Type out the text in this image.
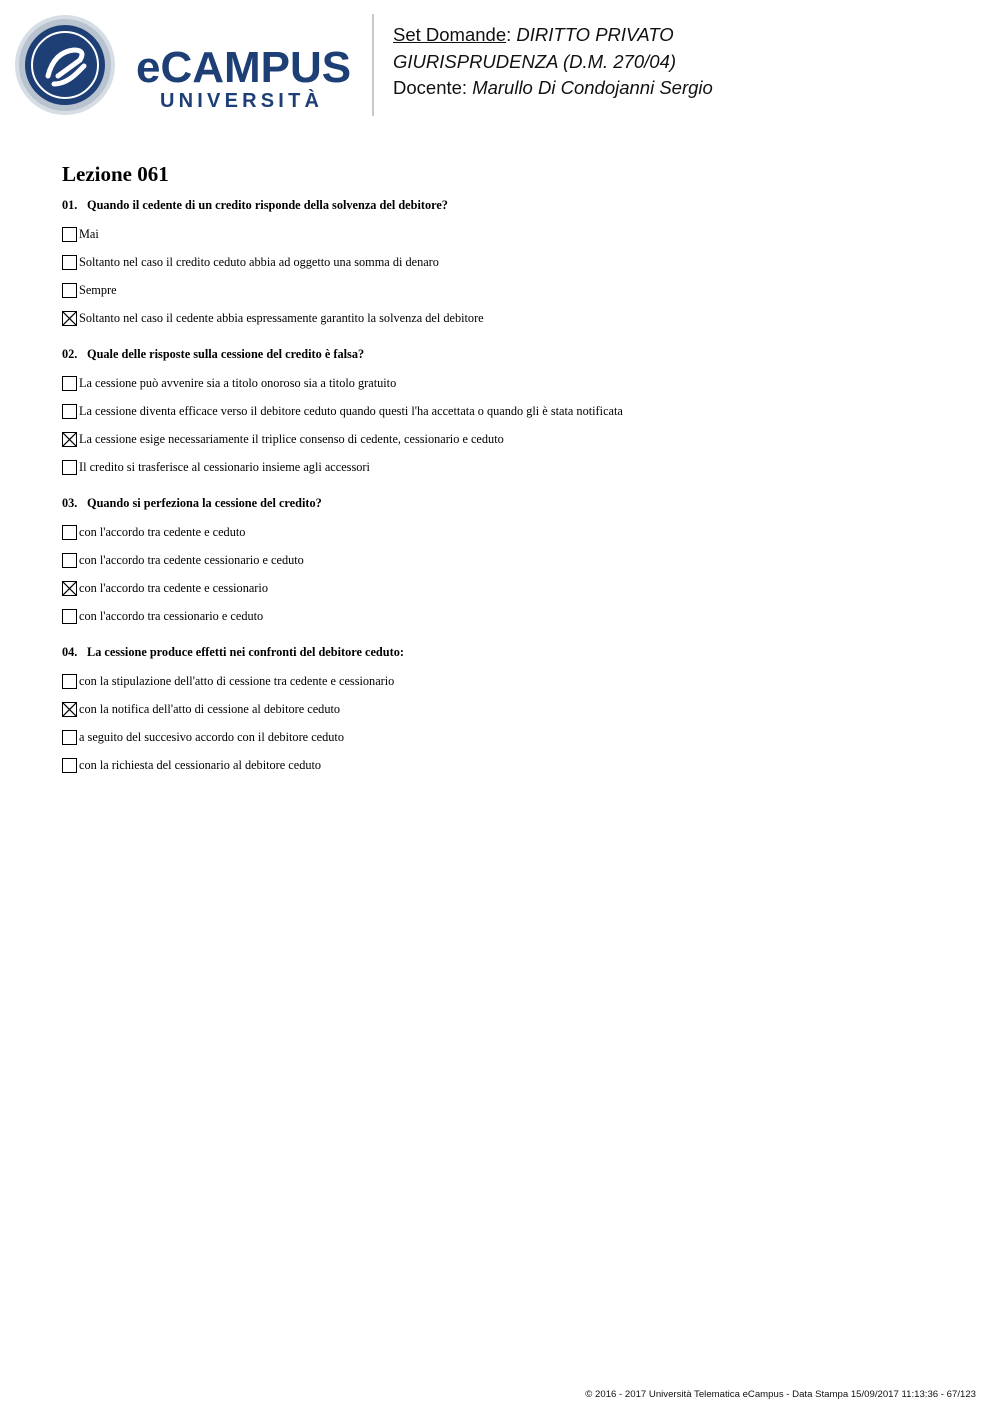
eCAMPUS
UNIVERSITÀ
Set Domande: DIRITTO PRIVATO
GIURISPRUDENZA (D.M. 270/04)
Docente: Marullo Di Condojanni Sergio
Lezione 061
01. Quando il cedente di un credito risponde della solvenza del debitore?
Mai
Soltanto nel caso il credito ceduto abbia ad oggetto una somma di denaro
Sempre
Soltanto nel caso il cedente abbia espressamente garantito la solvenza del debitore
02. Quale delle risposte sulla cessione del credito è falsa?
La cessione può avvenire sia a titolo onoroso sia a titolo gratuito
La cessione diventa efficace verso il debitore ceduto quando questi l'ha accettata o quando gli è stata notificata
La cessione esige necessariamente il triplice consenso di cedente, cessionario e ceduto
Il credito si trasferisce al cessionario insieme agli accessori
03. Quando si perfeziona la cessione del credito?
con l'accordo tra cedente e ceduto
con l'accordo tra cedente cessionario e ceduto
con l'accordo tra cedente e cessionario
con l'accordo tra cessionario e ceduto
04. La cessione produce effetti nei confronti del debitore ceduto:
con la stipulazione dell'atto di cessione tra cedente e cessionario
con la notifica dell'atto di cessione al debitore ceduto
a seguito del succesivo accordo con il debitore ceduto
con la richiesta del cessionario al debitore ceduto
© 2016 - 2017 Università Telematica eCampus - Data Stampa 15/09/2017 11:13:36 - 67/123
